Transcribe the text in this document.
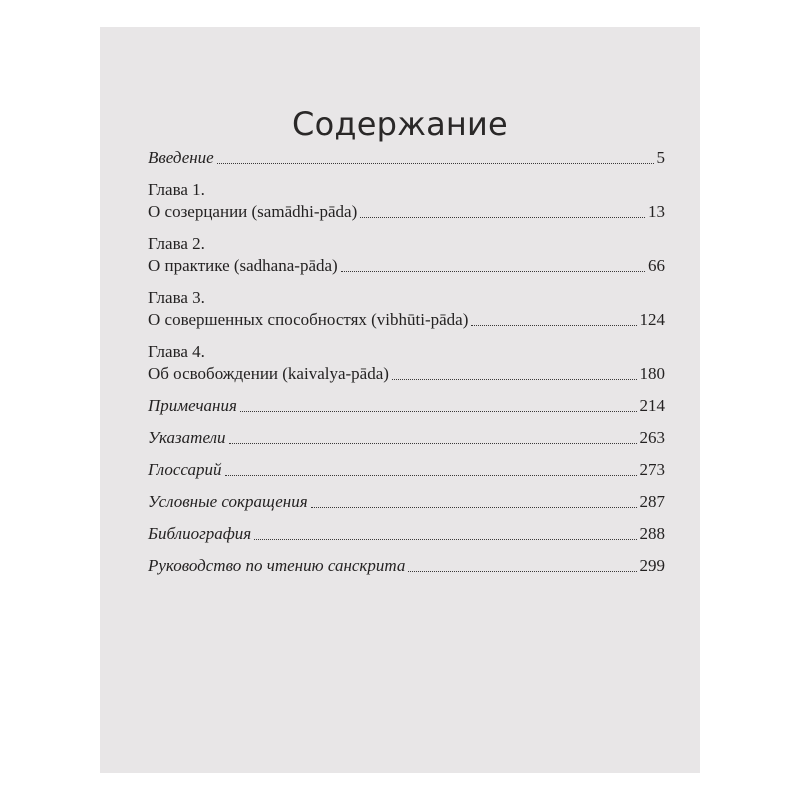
Содержание
Введение	5
Глава 1.
О созерцании (samādhi-pāda)	13
Глава 2.
О практике (sadhana-pāda)	66
Глава 3.
О совершенных способностях (vibhūti-pāda)	124
Глава 4.
Об освобождении (kaivalya-pāda)	180
Примечания	214
Указатели	263
Глоссарий	273
Условные сокращения	287
Библиография	288
Руководство по чтению санскрита	299
